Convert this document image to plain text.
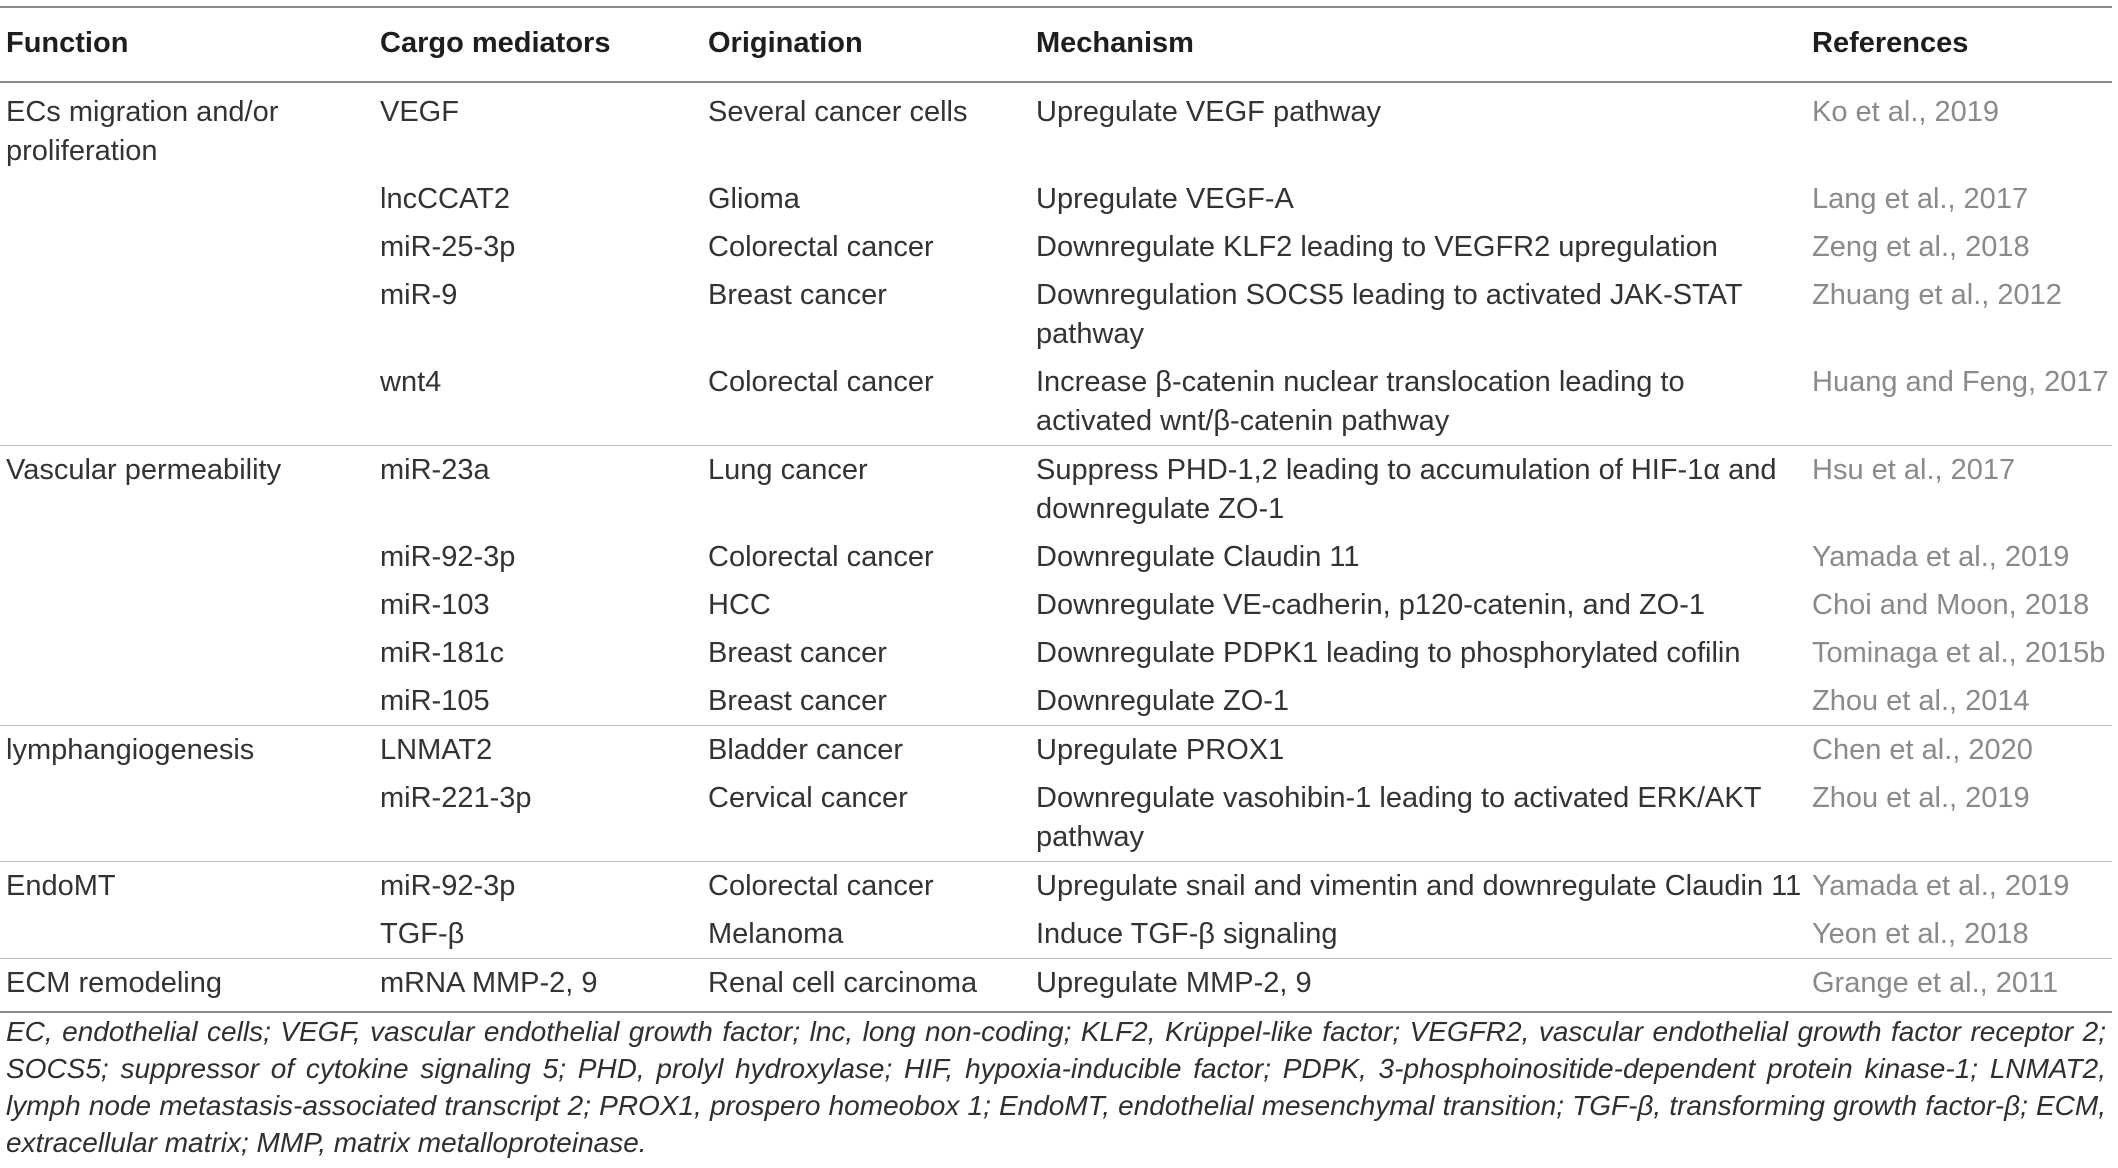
Function	Cargo mediators	Origination	Mechanism	References
ECs migration and/or proliferation	VEGF	Several cancer cells	Upregulate VEGF pathway	Ko et al., 2019
	lncCCAT2	Glioma	Upregulate VEGF-A	Lang et al., 2017
	miR-25-3p	Colorectal cancer	Downregulate KLF2 leading to VEGFR2 upregulation	Zeng et al., 2018
	miR-9	Breast cancer	Downregulation SOCS5 leading to activated JAK-STAT pathway	Zhuang et al., 2012
	wnt4	Colorectal cancer	Increase β-catenin nuclear translocation leading to activated wnt/β-catenin pathway	Huang and Feng, 2017
Vascular permeability	miR-23a	Lung cancer	Suppress PHD-1,2 leading to accumulation of HIF-1α and downregulate ZO-1	Hsu et al., 2017
	miR-92-3p	Colorectal cancer	Downregulate Claudin 11	Yamada et al., 2019
	miR-103	HCC	Downregulate VE-cadherin, p120-catenin, and ZO-1	Choi and Moon, 2018
	miR-181c	Breast cancer	Downregulate PDPK1 leading to phosphorylated cofilin	Tominaga et al., 2015b
	miR-105	Breast cancer	Downregulate ZO-1	Zhou et al., 2014
lymphangiogenesis	LNMAT2	Bladder cancer	Upregulate PROX1	Chen et al., 2020
	miR-221-3p	Cervical cancer	Downregulate vasohibin-1 leading to activated ERK/AKT pathway	Zhou et al., 2019
EndoMT	miR-92-3p	Colorectal cancer	Upregulate snail and vimentin and downregulate Claudin 11	Yamada et al., 2019
	TGF-β	Melanoma	Induce TGF-β signaling	Yeon et al., 2018
ECM remodeling	mRNA MMP-2, 9	Renal cell carcinoma	Upregulate MMP-2, 9	Grange et al., 2011

EC, endothelial cells; VEGF, vascular endothelial growth factor; lnc, long non-coding; KLF2, Krüppel-like factor; VEGFR2, vascular endothelial growth factor receptor 2; SOCS5; suppressor of cytokine signaling 5; PHD, prolyl hydroxylase; HIF, hypoxia-inducible factor; PDPK, 3-phosphoinositide-dependent protein kinase-1; LNMAT2, lymph node metastasis-associated transcript 2; PROX1, prospero homeobox 1; EndoMT, endothelial mesenchymal transition; TGF-β, transforming growth factor-β; ECM, extracellular matrix; MMP, matrix metalloproteinase.
